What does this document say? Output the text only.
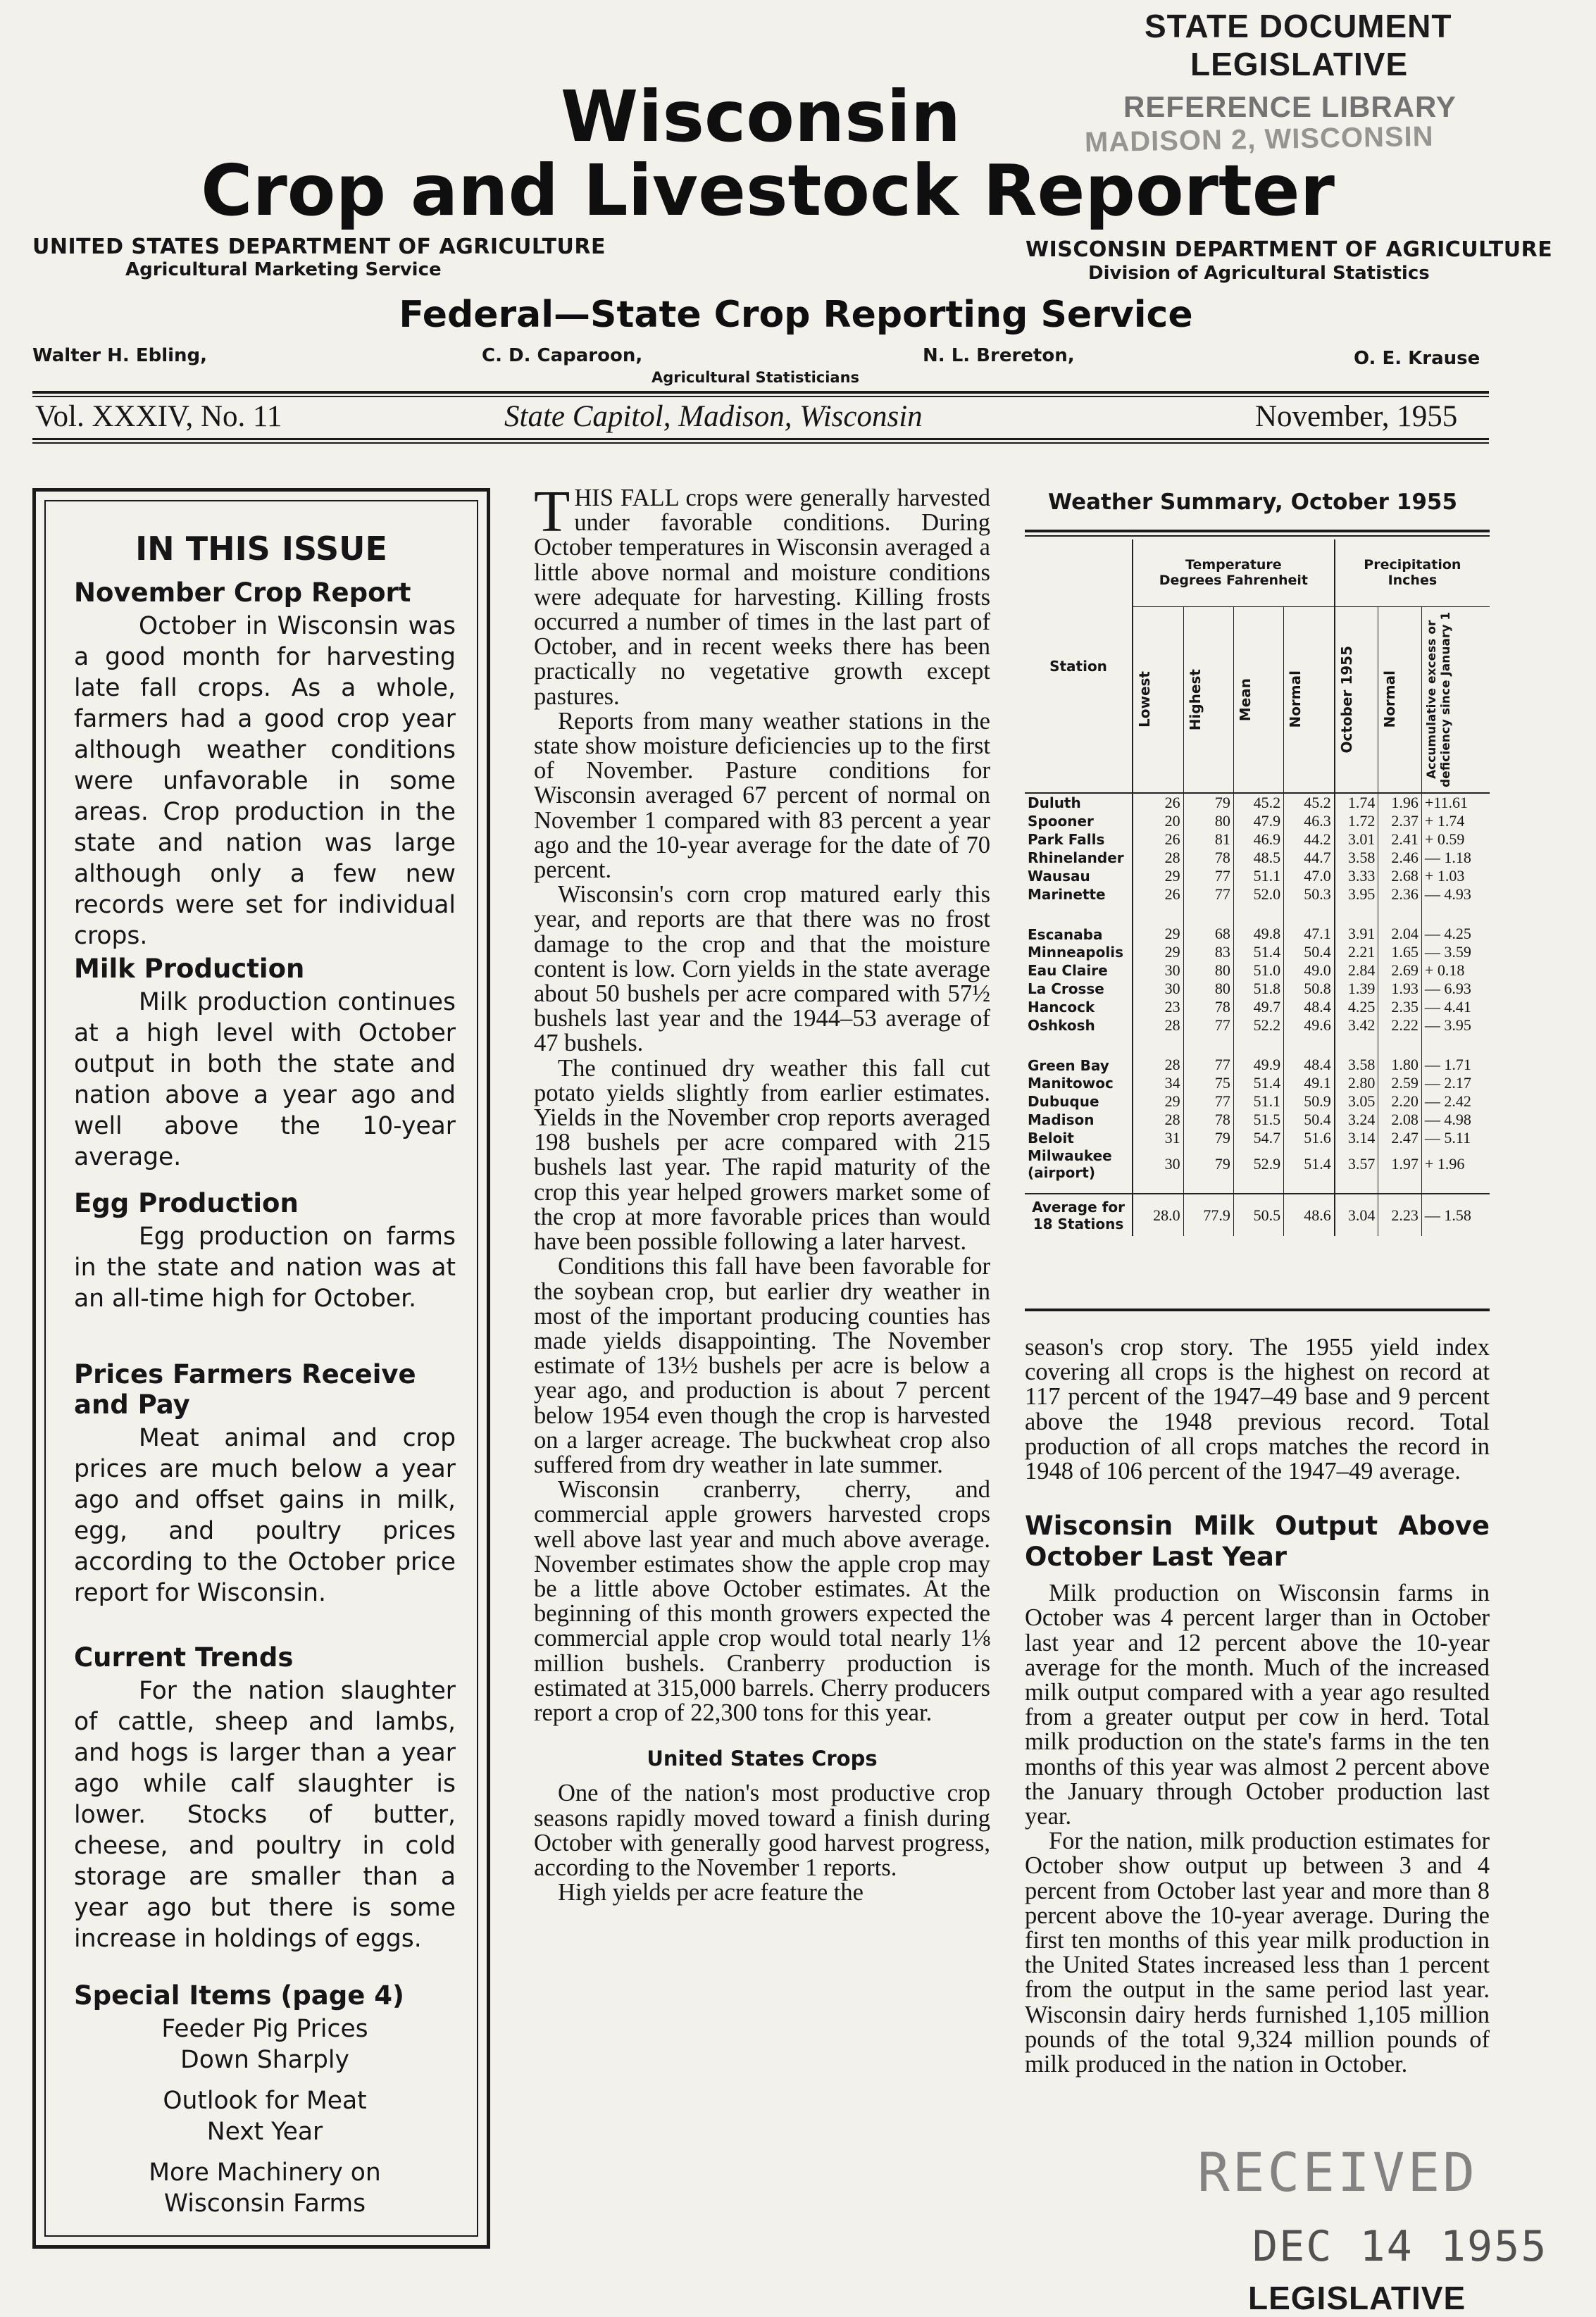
STATE DOCUMENT
LEGISLATIVE
REFERENCE LIBRARY
MADISON 2, WISCONSIN
Wisconsin
Crop and Livestock Reporter
UNITED STATES DEPARTMENT OF AGRICULTURE
Agricultural Marketing Service
WISCONSIN DEPARTMENT OF AGRICULTURE
Division of Agricultural Statistics
Federal—State Crop Reporting Service
Walter H. Ebling,	C. D. Caparoon,	N. L. Brereton,	O. E. Krause
Agricultural Statisticians
Vol. XXXIV, No. 11	State Capitol, Madison, Wisconsin	November, 1955
IN THIS ISSUE
November Crop Report

October in Wisconsin was a good month for harvesting late fall crops. As a whole, farmers had a good crop year although weather conditions were unfavorable in some areas. Crop production in the state and nation was large although only a few new records were set for individual crops.

Milk Production

Milk production continues at a high level with October output in both the state and nation above a year ago and well above the 10-year average.

Egg Production

Egg production on farms in the state and nation was at an all-time high for October.

Prices Farmers Receive and Pay

Meat animal and crop prices are much below a year ago and offset gains in milk, egg, and poultry prices according to the October price report for Wisconsin.

Current Trends

For the nation slaughter of cattle, sheep and lambs, and hogs is larger than a year ago while calf slaughter is lower. Stocks of butter, cheese, and poultry in cold storage are smaller than a year ago but there is some increase in holdings of eggs.

Special Items (page 4)
Feeder Pig Prices
Down Sharply
Outlook for Meat
Next Year
More Machinery on
Wisconsin Farms

THIS FALL crops were generally harvested under favorable conditions. During October temperatures in Wisconsin averaged a little above normal and moisture conditions were adequate for harvesting. Killing frosts occurred a number of times in the last part of October, and in recent weeks there has been practically no vegetative growth except pastures.

Reports from many weather stations in the state show moisture deficiencies up to the first of November. Pasture conditions for Wisconsin averaged 67 percent of normal on November 1 compared with 83 percent a year ago and the 10-year average for the date of 70 percent.

Wisconsin's corn crop matured early this year, and reports are that there was no frost damage to the crop and that the moisture content is low. Corn yields in the state average about 50 bushels per acre compared with 57½ bushels last year and the 1944–53 average of 47 bushels.

The continued dry weather this fall cut potato yields slightly from earlier estimates. Yields in the November crop reports averaged 198 bushels per acre compared with 215 bushels last year. The rapid maturity of the crop this year helped growers market some of the crop at more favorable prices than would have been possible following a later harvest.

Conditions this fall have been favorable for the soybean crop, but earlier dry weather in most of the important producing counties has made yields disappointing. The November estimate of 13½ bushels per acre is below a year ago, and production is about 7 percent below 1954 even though the crop is harvested on a larger acreage. The buckwheat crop also suffered from dry weather in late summer.

Wisconsin cranberry, cherry, and commercial apple growers harvested crops well above last year and much above average. November estimates show the apple crop may be a little above October estimates. At the beginning of this month growers expected the commercial apple crop would total nearly 1⅛ million bushels. Cranberry production is estimated at 315,000 barrels. Cherry producers report a crop of 22,300 tons for this year.

United States Crops

One of the nation's most productive crop seasons rapidly moved toward a finish during October with generally good harvest progress, according to the November 1 reports.

High yields per acre feature the

Weather Summary, October 1955
Station	Temperature
Degrees Fahrenheit				Precipitation
Inches		

	Lowest	Highest	Mean	Normal	October 1955	Normal	Accumulative excess or deficiency since January 1

Duluth	26	79	45.2	45.2	1.74	1.96	+11.61
Spooner	20	80	47.9	46.3	1.72	2.37	+ 1.74
Park Falls	26	81	46.9	44.2	3.01	2.41	+ 0.59
Rhinelander	28	78	48.5	44.7	3.58	2.46	— 1.18
Wausau	29	77	51.1	47.0	3.33	2.68	+ 1.03
Marinette	26	77	52.0	50.3	3.95	2.36	— 4.93
Escanaba	29	68	49.8	47.1	3.91	2.04	— 4.25
Minneapolis	29	83	51.4	50.4	2.21	1.65	— 3.59
Eau Claire	30	80	51.0	49.0	2.84	2.69	+ 0.18
La Crosse	30	80	51.8	50.8	1.39	1.93	— 6.93
Hancock	23	78	49.7	48.4	4.25	2.35	— 4.41
Oshkosh	28	77	52.2	49.6	3.42	2.22	— 3.95
Green Bay	28	77	49.9	48.4	3.58	1.80	— 1.71
Manitowoc	34	75	51.4	49.1	2.80	2.59	— 2.17
Dubuque	29	77	51.1	50.9	3.05	2.20	— 2.42
Madison	28	78	51.5	50.4	3.24	2.08	— 4.98
Beloit	31	79	54.7	51.6	3.14	2.47	— 5.11
Milwaukee (airport)	30	79	52.9	51.4	3.57	1.97	+ 1.96

Average for 18 Stations	28.0	77.9	50.5	48.6	3.04	2.23	— 1.58

season's crop story. The 1955 yield index covering all crops is the highest on record at 117 percent of the 1947–49 base and 9 percent above the 1948 previous record. Total production of all crops matches the record in 1948 of 106 percent of the 1947–49 average.

Wisconsin Milk Output Above October Last Year

Milk production on Wisconsin farms in October was 4 percent larger than in October last year and 12 percent above the 10-year average for the month. Much of the increased milk output compared with a year ago resulted from a greater output per cow in herd. Total milk production on the state's farms in the ten months of this year was almost 2 percent above the January through October production last year.

For the nation, milk production estimates for October show output up between 3 and 4 percent from October last year and more than 8 percent above the 10-year average. During the first ten months of this year milk production in the United States increased less than 1 percent from the output in the same period last year. Wisconsin dairy herds furnished 1,105 million pounds of the total 9,324 million pounds of milk produced in the nation in October.

RECEIVED
DEC 14 1955
LEGISLATIVE
